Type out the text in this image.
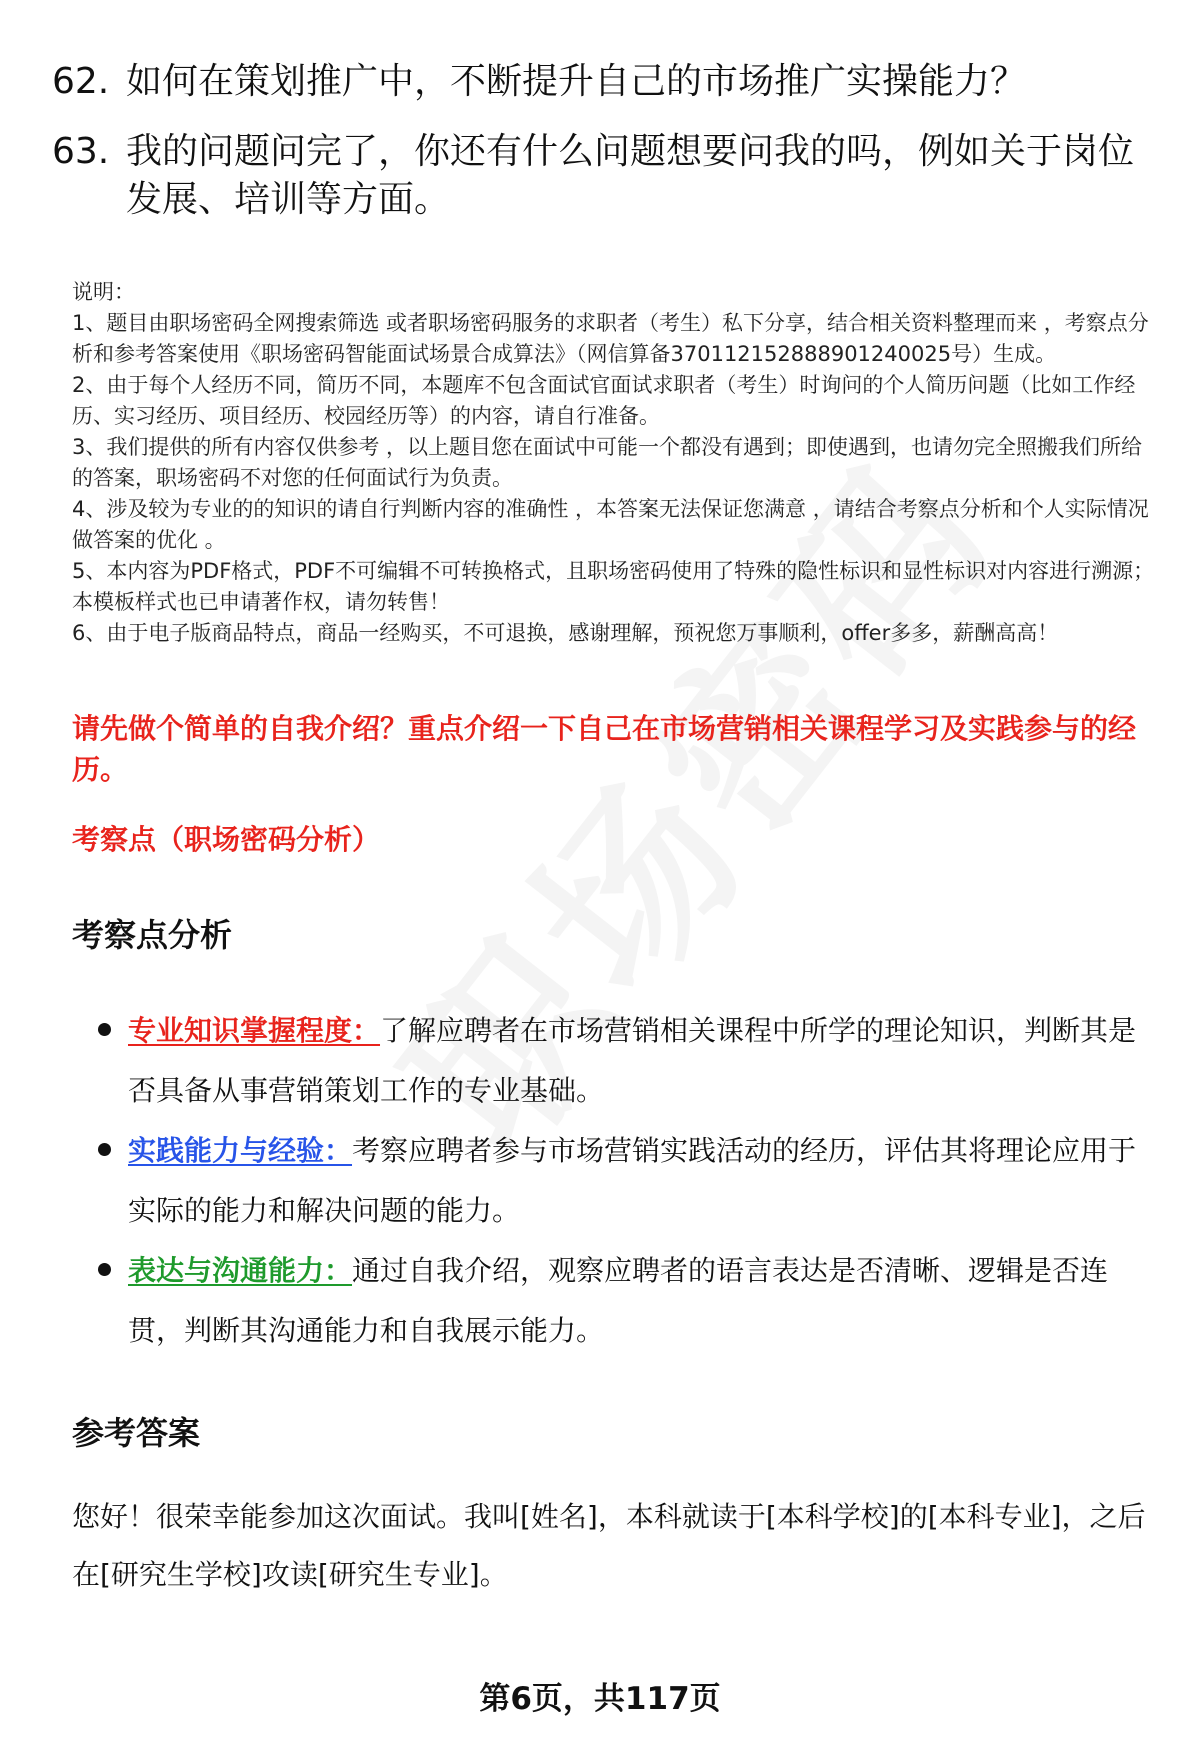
62. 如何在策划推广中，不断提升自己的市场推广实操能力？
63. 我的问题问完了，你还有什么问题想要问我的吗，例如关于岗位发展、培训等方面。

说明：

1、题目由职场密码全网搜索筛选 或者职场密码服务的求职者（考生）私下分享，结合相关资料整理而来 ，考察点分析和参考答案使用《职场密码智能面试场景合成算法》（网信算备370112152888901240025号）生成。

2、由于每个人经历不同，简历不同，本题库不包含面试官面试求职者（考生）时询问的个人简历问题（比如工作经历、实习经历、项目经历、校园经历等）的内容，请自行准备。

3、我们提供的所有内容仅供参考 ，以上题目您在面试中可能一个都没有遇到；即使遇到，也请勿完全照搬我们所给的答案，职场密码不对您的任何面试行为负责。

4、涉及较为专业的的知识的请自行判断内容的准确性 ，本答案无法保证您满意 ，请结合考察点分析和个人实际情况做答案的优化 。

5、本内容为PDF格式，PDF不可编辑不可转换格式，且职场密码使用了特殊的隐性标识和显性标识对内容进行溯源；本模板样式也已申请著作权，请勿转售！

6、由于电子版商品特点，商品一经购买，不可退换，感谢理解，预祝您万事顺利，offer多多，薪酬高高！

请先做个简单的自我介绍？重点介绍一下自己在市场营销相关课程学习及实践参与的经历。
考察点（职场密码分析）
考察点分析
专业知识掌握程度：了解应聘者在市场营销相关课程中所学的理论知识，判断其是否具备从事营销策划工作的专业基础。
实践能力与经验：考察应聘者参与市场营销实践活动的经历，评估其将理论应用于实际的能力和解决问题的能力。
表达与沟通能力：通过自我介绍，观察应聘者的语言表达是否清晰、逻辑是否连贯，判断其沟通能力和自我展示能力。
参考答案
您好！很荣幸能参加这次面试。我叫[姓名]，本科就读于[本科学校]的[本科专业]，之后在[研究生学校]攻读[研究生专业]。
第6页，共117页
